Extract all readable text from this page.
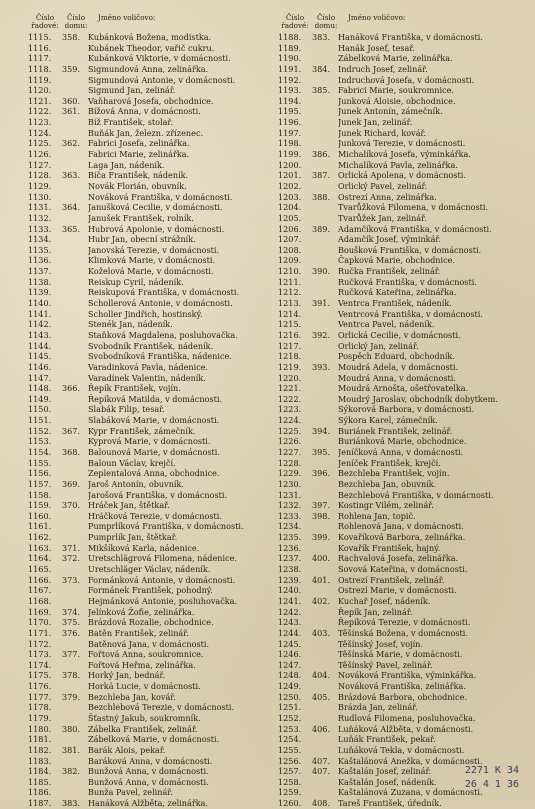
Číslo řadové:
Číslo domu:
Jméno voličovo:
1115.	358. Kubánková Božena, modistka.
1116.	Kubánek Theodor, vařič cukru.
1117.	Kubánková Viktorie, v domácnosti.
1118.	359. Sigmundová Anna, zelinářka.
1119.	Sigmundová Antonie, v domácnosti.
1120.	Sigmund Jan, zelinář.
1121.	360. Vaňharová Josefa, obchodnice.
1122.	361. Bížová Anna, v domácnosti.
1123.	Bíž František, stolař.
1124.	Buňák Jan, železn. zřízenec.
1125.	362. Fabrici Josefa, zelinářka.
1126.	Fabrici Marie, zelinářka.
1127.	Laga Jan, nádeník.
1128.	363. Bíča František, nádeník.
1129.	Novák Florián, obuvník.
1130.	Nováková Františka, v domácnosti.
1131.	364. Janušková Cecilie, v domácnosti.
1132.	Janušek František, rolník.
1133.	365. Hubrová Apolonie, v domácnosti.
1134.	Hubr Jan, obecní strážník.
1135.	Janovská Terezie, v domácnosti.
1136.	Klimková Marie, v domácnosti.
1137.	Koželová Marie, v domácnosti.
1138.	Reiskup Cyril, nádeník.
1139.	Reiskupová Františka, v domácnosti.
1140.	Schollerová Antonie, v domácnosti.
1141.	Scholler Jindřich, hostinský.
1142.	Stenék Jan, nádeník.
1143.	Staňková Magdalena, posluhovačka.
1144.	Svobodník František, nádeník.
1145.	Svobodníková Františka, nádenice.
1146.	Varadinková Pavla, nádenice.
1147.	Varadínek Valentin, nádeník.
1148.	366. Řepík František, vojín.
1149.	Řepíková Matilda, v domácnosti.
1150.	Slabák Filip, tesař.
1151.	Slabáková Marie, v domácnosti.
1152.	367. Kypr František, zámečník.
1153.	Kyprová Marie, v domácnosti.
1154.	368. Balounová Marie, v domácnosti.
1155.	Baloun Václav, krejčí.
1156.	Zeplentalová Anna, obchodnice.
1157.	369. Jaroš Antonín, obuvník.
1158.	Jarošová Františka, v domácnosti.
1159.	370. Hráček Jan, štětkař.
1160.	Hráčková Terezie, v domácnosti.
1161.	Pumprlíková Františka, v domácnosti.
1162.	Pumprlík Jan, štětkař.
1163.	371. Mikšíková Karla, nádenice.
1164.	372. Uretschlägrová Filomena, nádenice.
1165.	Uretschläger Václav, nádeník.
1166.	373. Formánková Antonie, v domácnosti.
1167.	Formánek František, pohodný.
1168.	Hejmánková Antonie, posluhovačka.
1169.	374. Jelínková Žofie, zelinářka.
1170.	375. Brázdová Rozalie, obchodnice.
1171.	376. Batěn František, zelinář.
1172.	Batěnová Jana, v domácnosti.
1173.	377. Fořtová Anna, soukromnice.
1174.	Fořtová Heřma, zelinářka.
1175.	378. Horký Jan, bednář.
1176.	Horká Lucie, v domácnosti.
1177.	379. Bezchleba Jan, kovář.
1178.	Bezchlebová Terezie, v domácnosti.
1179.	Šťastný Jakub, soukromník.
1180.	380. Zábelka František, zelinář.
1181.	Zábelková Marie, v domácnosti.
1182.	381. Barák Alois, pekař.
1183.	Baráková Anna, v domácnosti.
1184.	382. Bunžová Anna, v domácnosti.
1185.	Bunžová Anna, v domácnosti.
1186.	Bunža Pavel, zelinář.
1187.	383. Hanáková Alžběta, zelinářka.
Číslo řadové:
Číslo domu:
Jméno voličovo:
1188.	383. Hanáková Františka, v domácnosti.
1189.	Hanák Josef, tesař.
1190.	Zábelková Marie, zelinářka.
1191.	384. Indruch Josef, zelinář.
1192.	Indruchová Josefa, v domácnosti.
1193.	385. Fabrici Marie, soukromnice.
1194.	Junková Aloisie, obchodnice.
1195.	Junek Antonín, zámečník.
1196.	Junek Jan, zelinář.
1197.	Junek Richard, kovář.
1198.	Junková Terezie, v domácnosti.
1199.	386. Michalíková Josefa, výminkářka.
1200.	Michalíková Pavla, zelinářka.
1201.	387. Orlická Apolena, v domácnosti.
1202.	Orlický Pavel, zelinář.
1203.	388. Ostrezí Anna, zelinářka.
1204.	Tvarůžková Filomena, v domácnosti.
1205.	Tvarůžek Jan, zelinář.
1206.	389. Adamčíková Františka, v domácnosti.
1207.	Adamčík Josef, výminkář.
1208.	Boušková Františka, v domácnosti.
1209.	Čapková Marie, obchodnice.
1210.	390. Ručka František, zelinář.
1211.	Ručková Františka, v domácnosti.
1212.	Ručková Kateřina, zelinářka.
1213.	391. Ventrca František, nádeník.
1214.	Ventrcová Františka, v domácnosti.
1215.	Ventrca Pavel, nádeník.
1216.	392. Orlická Cecilie, v domácnosti.
1217.	Orlický Jan, zelinář.
1218.	Pospěch Eduard, obchodník.
1219.	393. Moudrá Adela, v domácnosti.
1220.	Moudrá Anna, v domácnosti.
1221.	Moudrá Arnošta, ošetřovatelka.
1222.	Moudrý Jaroslav, obchodník dobytkem.
1223.	Sýkorová Barbora, v domácnosti.
1224.	Sýkora Karel, zámečník.
1225.	394. Buriánek František, zelinář.
1226.	Buriánková Marie, obchodnice.
1227.	395. Jeníčková Anna, v domácnosti.
1228.	Jeníček František, krejčí.
1229.	396. Bezchleba František, vojín.
1230.	Bezchleba Jan, obuvník.
1231.	Bezchlebová Františka, v domácnosti.
1232.	397. Kostingr Vilém, zelinář.
1233.	398. Rohlena Jan, topič.
1234.	Rohlenová Jana, v domácnosti.
1235.	399. Kovaříková Barbora, zelinářka.
1236.	Kovařík František, hajný.
1237.	400. Rachvalová Josefa, zelinářka.
1238.	Sovová Kateřina, v domácnosti.
1239.	401. Ostrezí František, zelinář.
1240.	Ostrezí Marie, v domácnosti.
1241.	402. Kuchař Josef, nádeník.
1242.	Řepík Jan, zelinář.
1243.	Řepíková Terezie, v domácnosti.
1244.	403. Těšínská Božena, v domácnosti.
1245.	Těšínský Josef, vojín.
1246.	Těšínská Marie, v domácnosti.
1247.	Těšínský Pavel, zelinář.
1248.	404. Nováková Františka, výminkářka.
1249.	Nováková Františka, zelinářka.
1250.	405. Brázdová Barbora, obchodnice.
1251.	Brázda Jan, zelinář.
1252.	Rudlová Filomena, posluhovačka.
1253.	406. Luňáková Alžběta, v domácnosti.
1254.	Luňák František, pekař.
1255.	Luňáková Tekla, v domácnosti.
1256.	407. Kaštalánová Anežka, v domácnosti.
1257.	407. Kaštalán Josef, zelinář.
1258.	Kaštalán Josef, nádeník.
1259.	Kaštalánová Zuzana, v domácnosti.
1260.	408. Tareš František, úředník.
2271 K 34
26 4 1 36
